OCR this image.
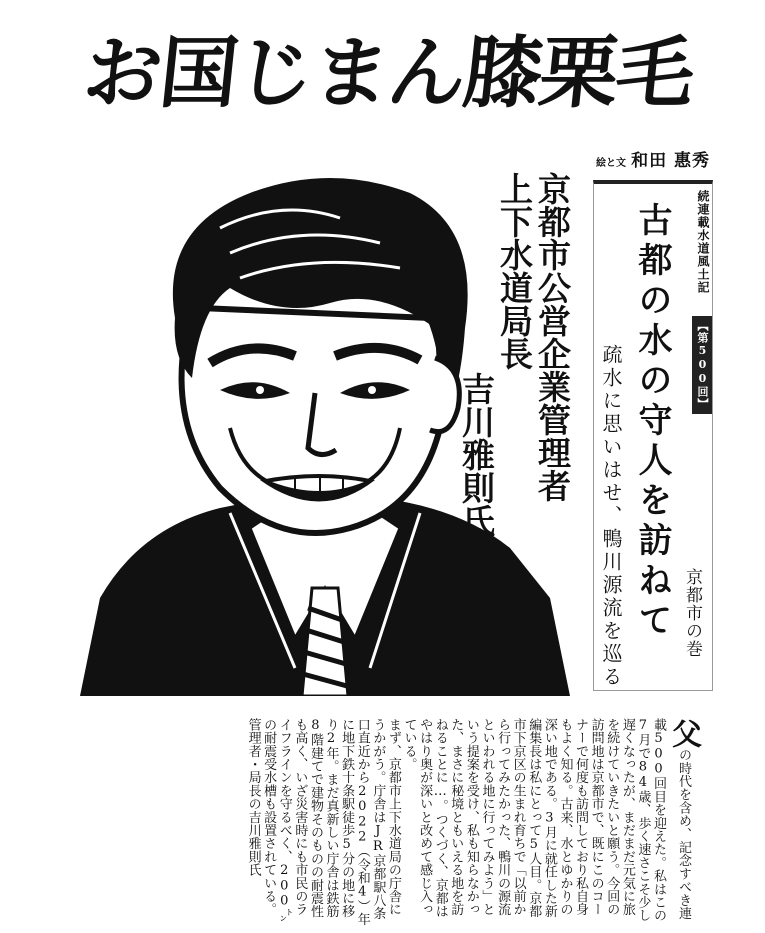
お国じまん膝栗毛
絵と文 和田 惠秀
京都市公営企業管理者
上下水道局長
吉川雅則氏
続連載水道風土記
【第500回】
古都の水の守人を訪ねて
疏水に思いはせ、鴨川源流を巡る	京都市の巻

父の時代を含め、記念すべき連載500回目を迎えた。私はこの7月で84歳、歩く速さこそ少し遅くなったが、まだまだ元気に旅を続けていきたいと願う。今回の訪問地は京都市で、既にこのコーナーで何度も訪問しており私自身もよく知る。古来、水とゆかりの深い地である。3月に就任した新編集長は私にとって5人目。京都市下京区の生まれ育ちで「以前から行ってみたかった、鴨川の源流といわれる地に行ってみよう」という提案を受け、私も知らなかった、まさに秘境ともいえる地を訪ねることに…。つくづく、京都はやはり奥が深いと改めて感じ入っている。

まず、京都市上下水道局の庁舎にうかがう。庁舎はJR京都駅八条口直近から2022（令和4）年に地下鉄十条駅徒歩5分の地に移り2年。まだ真新しい庁舎は鉄筋8階建てで建物そのものの耐震性も高く、いざ災害時にも市民のライフラインを守るべく、200㌧の耐震受水槽も設置されている。

管理者・局長の吉川雅則氏
